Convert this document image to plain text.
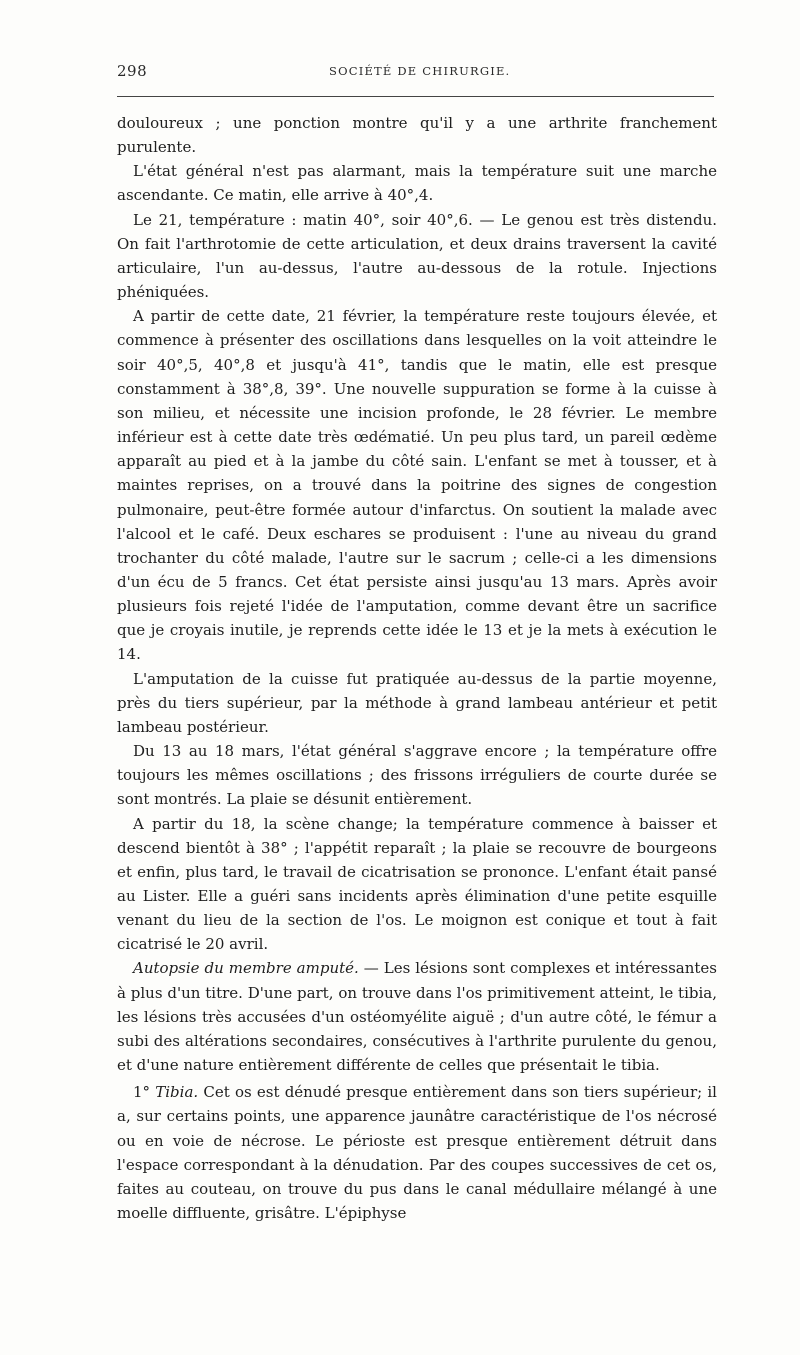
298	SOCIÉTÉ DE CHIRURGIE.

douloureux ; une ponction montre qu'il y a une arthrite franchement purulente.

L'état général n'est pas alarmant, mais la température suit une marche ascendante. Ce matin, elle arrive à 40°,4.

Le 21, température : matin 40°, soir 40°,6. — Le genou est très distendu. On fait l'arthrotomie de cette articulation, et deux drains traversent la cavité articulaire, l'un au-dessus, l'autre au-dessous de la rotule. Injections phéniquées.

A partir de cette date, 21 février, la température reste toujours élevée, et commence à présenter des oscillations dans lesquelles on la voit atteindre le soir 40°,5, 40°,8 et jusqu'à 41°, tandis que le matin, elle est presque constamment à 38°,8, 39°. Une nouvelle suppuration se forme à la cuisse à son milieu, et nécessite une incision profonde, le 28 février. Le membre inférieur est à cette date très œdématié. Un peu plus tard, un pareil œdème apparaît au pied et à la jambe du côté sain. L'enfant se met à tousser, et à maintes reprises, on a trouvé dans la poitrine des signes de congestion pulmonaire, peut-être formée autour d'infarctus. On soutient la malade avec l'alcool et le café. Deux eschares se produisent : l'une au niveau du grand trochanter du côté malade, l'autre sur le sacrum ; celle-ci a les dimensions d'un écu de 5 francs. Cet état persiste ainsi jusqu'au 13 mars. Après avoir plusieurs fois rejeté l'idée de l'amputation, comme devant être un sacrifice que je croyais inutile, je reprends cette idée le 13 et je la mets à exécution le 14.

L'amputation de la cuisse fut pratiquée au-dessus de la partie moyenne, près du tiers supérieur, par la méthode à grand lambeau antérieur et petit lambeau postérieur.

Du 13 au 18 mars, l'état général s'aggrave encore ; la température offre toujours les mêmes oscillations ; des frissons irréguliers de courte durée se sont montrés. La plaie se désunit entièrement.

A partir du 18, la scène change; la température commence à baisser et descend bientôt à 38° ; l'appétit reparaît ; la plaie se recouvre de bourgeons et enfin, plus tard, le travail de cicatrisation se prononce. L'enfant était pansé au Lister. Elle a guéri sans incidents après élimination d'une petite esquille venant du lieu de la section de l'os. Le moignon est conique et tout à fait cicatrisé le 20 avril.

Autopsie du membre amputé. — Les lésions sont complexes et intéressantes à plus d'un titre. D'une part, on trouve dans l'os primitivement atteint, le tibia, les lésions très accusées d'un ostéomyélite aiguë ; d'un autre côté, le fémur a subi des altérations secondaires, consécutives à l'arthrite purulente du genou, et d'une nature entièrement différente de celles que présentait le tibia.

1° Tibia. Cet os est dénudé presque entièrement dans son tiers supérieur; il a, sur certains points, une apparence jaunâtre caractéristique de l'os nécrosé ou en voie de nécrose. Le périoste est presque entièrement détruit dans l'espace correspondant à la dénudation. Par des coupes successives de cet os, faites au couteau, on trouve du pus dans le canal médullaire mélangé à une moelle diffluente, grisâtre. L'épiphyse
